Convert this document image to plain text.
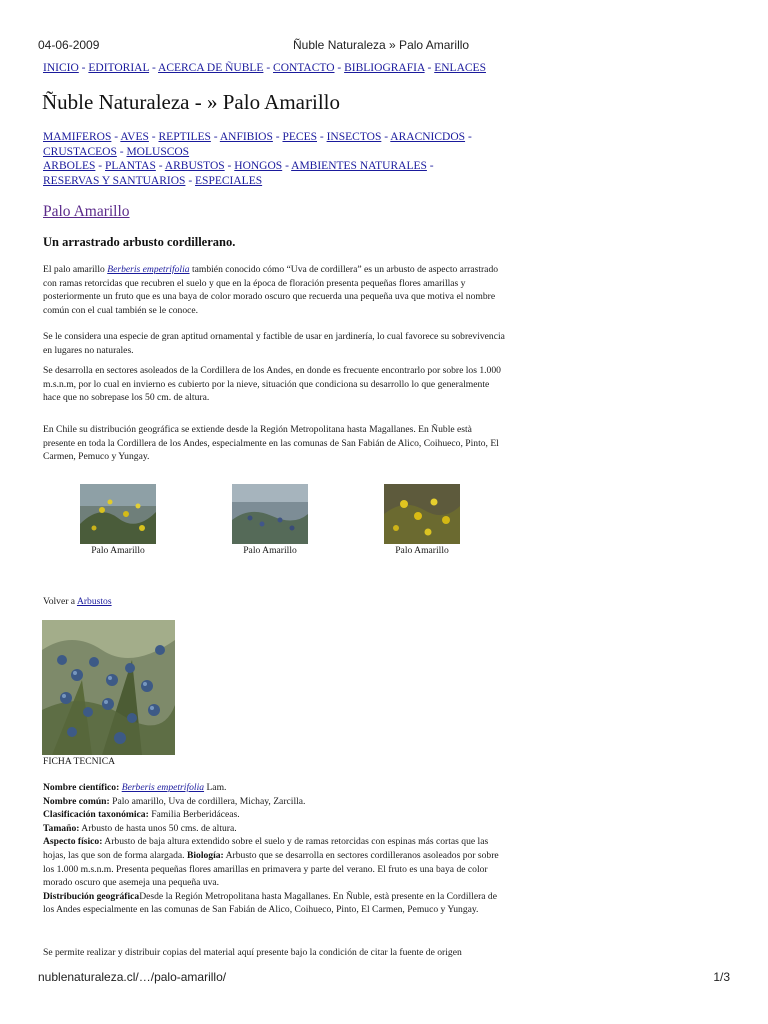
04-06-2009	Ñuble Naturaleza » Palo Amarillo
INICIO - EDITORIAL - ACERCA DE ÑUBLE - CONTACTO - BIBLIOGRAFIA - ENLACES
Ñuble Naturaleza - » Palo Amarillo
MAMIFEROS - AVES - REPTILES - ANFIBIOS - PECES - INSECTOS - ARACNICDOS - CRUSTACEOS - MOLUSCOS
ARBOLES - PLANTAS - ARBUSTOS - HONGOS - AMBIENTES NATURALES - RESERVAS Y SANTUARIOS - ESPECIALES
Palo Amarillo
Un arrastrado arbusto cordillerano.
El palo amarillo Berberis empetrifolia también conocido cómo “Uva de cordillera” es un arbusto de aspecto arrastrado con ramas retorcidas que recubren el suelo y que en la época de floración presenta pequeñas flores amarillas y posteriormente un fruto que es una baya de color morado oscuro que recuerda una pequeña uva que motiva el nombre común con el cual también se le conoce.
Se le considera una especie de gran aptitud ornamental y factible de usar en jardinería, lo cual favorece su sobrevivencia en lugares no naturales.
Se desarrolla en sectores asoleados de la Cordillera de los Andes, en donde es frecuente encontrarlo por sobre los 1.000 m.s.n.m, por lo cual en invierno es cubierto por la nieve, situación que condiciona su desarrollo lo que generalmente hace que no sobrepase los 50 cm. de altura.
En Chile su distribución geográfica se extiende desde la Región Metropolitana hasta Magallanes. En Ñuble està presente en toda la Cordillera de los Andes, especialmente en las comunas de San Fabián de Alico, Coihueco, Pinto, El Carmen, Pemuco y Yungay.
Palo Amarillo	Palo Amarillo	Palo Amarillo
Volver a Arbustos
FICHA TECNICA
Nombre científico: Berberis empetrifolia Lam.
Nombre común: Palo amarillo, Uva de cordillera, Michay, Zarcilla.
Clasificación taxonómica: Familia Berberidáceas.
Tamaño: Arbusto de hasta unos 50 cms. de altura.
Aspecto físico: Arbusto de baja altura extendido sobre el suelo y de ramas retorcidas con espinas más cortas que las hojas, las que son de forma alargada. Biología: Arbusto que se desarrolla en sectores cordilleranos asoleados por sobre los 1.000 m.s.n.m. Presenta pequeñas flores amarillas en primavera y parte del verano. El fruto es una baya de color morado oscuro que asemeja una pequeña uva.
Distribución geográficaDesde la Región Metropolitana hasta Magallanes. En Ñuble, està presente en la Cordillera de los Andes especialmente en las comunas de San Fabián de Alico, Coihueco, Pinto, El Carmen, Pemuco y Yungay.
Se permite realizar y distribuir copias del material aquí presente bajo la condición de citar la fuente de origen
nublenaturaleza.cl/…/palo-amarillo/	1/3
